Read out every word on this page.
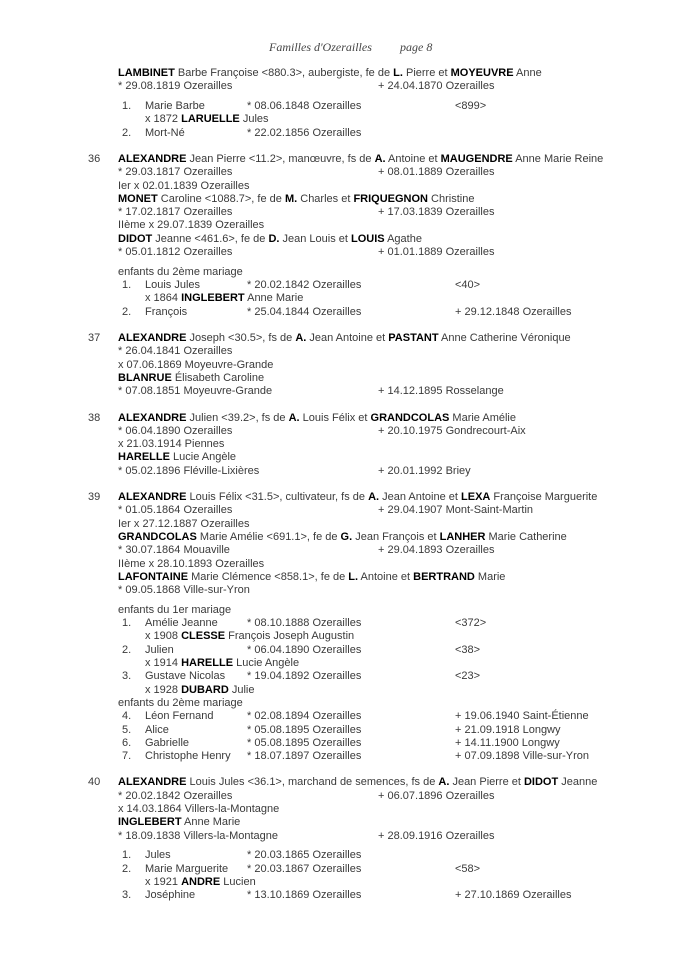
Familles d'Ozerailles page 8
LAMBINET Barbe Françoise <880.3>, aubergiste, fe de L. Pierre et MOYEUVRE Anne
* 29.08.1819 Ozerailles	+ 24.04.1870 Ozerailles
1. Marie Barbe	* 08.06.1848 Ozerailles	<899>
x 1872 LARUELLE Jules
2. Mort-Né	* 22.02.1856 Ozerailles
36 ALEXANDRE Jean Pierre <11.2>, manœuvre, fs de A. Antoine et MAUGENDRE Anne Marie Reine
* 29.03.1817 Ozerailles	+ 08.01.1889 Ozerailles
Ier x 02.01.1839 Ozerailles
MONET Caroline <1088.7>, fe de M. Charles et FRIQUEGNON Christine
* 17.02.1817 Ozerailles	+ 17.03.1839 Ozerailles
IIème x 29.07.1839 Ozerailles
DIDOT Jeanne <461.6>, fe de D. Jean Louis et LOUIS Agathe
* 05.01.1812 Ozerailles	+ 01.01.1889 Ozerailles
enfants du 2ème mariage
1. Louis Jules	* 20.02.1842 Ozerailles	<40>
x 1864 INGLEBERT Anne Marie
2. François	* 25.04.1844 Ozerailles	+ 29.12.1848 Ozerailles
37 ALEXANDRE Joseph <30.5>, fs de A. Jean Antoine et PASTANT Anne Catherine Véronique
* 26.04.1841 Ozerailles
x 07.06.1869 Moyeuvre-Grande
BLANRUE Élisabeth Caroline
* 07.08.1851 Moyeuvre-Grande	+ 14.12.1895 Rosselange
38 ALEXANDRE Julien <39.2>, fs de A. Louis Félix et GRANDCOLAS Marie Amélie
* 06.04.1890 Ozerailles	+ 20.10.1975 Gondrecourt-Aix
x 21.03.1914 Piennes
HARELLE Lucie Angèle
* 05.02.1896 Fléville-Lixières	+ 20.01.1992 Briey
39 ALEXANDRE Louis Félix <31.5>, cultivateur, fs de A. Jean Antoine et LEXA Françoise Marguerite
* 01.05.1864 Ozerailles	+ 29.04.1907 Mont-Saint-Martin
Ier x 27.12.1887 Ozerailles
GRANDCOLAS Marie Amélie <691.1>, fe de G. Jean François et LANHER Marie Catherine
* 30.07.1864 Mouaville	+ 29.04.1893 Ozerailles
IIème x 28.10.1893 Ozerailles
LAFONTAINE Marie Clémence <858.1>, fe de L. Antoine et BERTRAND Marie
* 09.05.1868 Ville-sur-Yron
enfants du 1er mariage
1. Amélie Jeanne	* 08.10.1888 Ozerailles	<372>
x 1908 CLESSE François Joseph Augustin
2. Julien	* 06.04.1890 Ozerailles	<38>
x 1914 HARELLE Lucie Angèle
3. Gustave Nicolas * 19.04.1892 Ozerailles	<23>
x 1928 DUBARD Julie
enfants du 2ème mariage
4. Léon Fernand	* 02.08.1894 Ozerailles	+ 19.06.1940 Saint-Étienne
5. Alice	* 05.08.1895 Ozerailles	+ 21.09.1918 Longwy
6. Gabrielle	* 05.08.1895 Ozerailles	+ 14.11.1900 Longwy
7. Christophe Henry * 18.07.1897 Ozerailles	+ 07.09.1898 Ville-sur-Yron
40 ALEXANDRE Louis Jules <36.1>, marchand de semences, fs de A. Jean Pierre et DIDOT Jeanne
* 20.02.1842 Ozerailles	+ 06.07.1896 Ozerailles
x 14.03.1864 Villers-la-Montagne
INGLEBERT Anne Marie
* 18.09.1838 Villers-la-Montagne	+ 28.09.1916 Ozerailles
1. Jules	* 20.03.1865 Ozerailles
2. Marie Marguerite * 20.03.1867 Ozerailles	<58>
x 1921 ANDRE Lucien
3. Joséphine	* 13.10.1869 Ozerailles	+ 27.10.1869 Ozerailles
